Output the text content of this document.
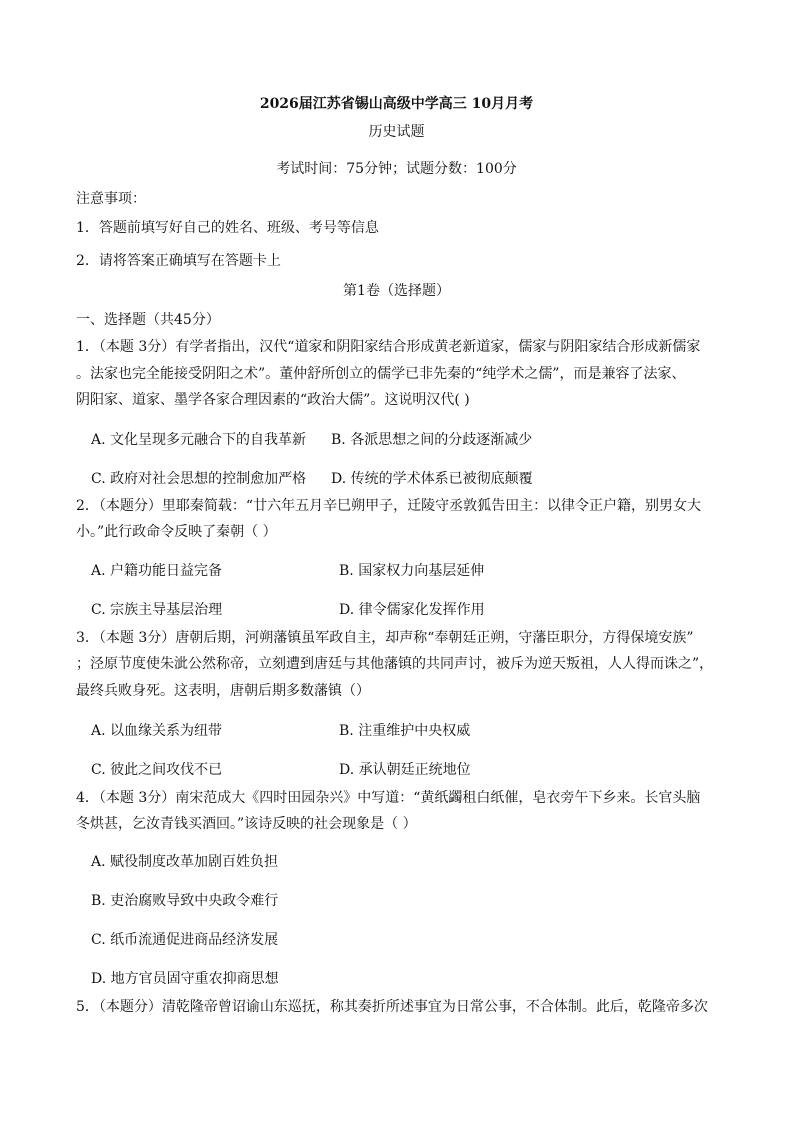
2026届江苏省锡山高级中学高三 10月月考
历史试题
考试时间：75分钟；试题分数：100分
注意事项：
1．答题前填写好自己的姓名、班级、考号等信息
2．请将答案正确填写在答题卡上
第1卷（选择题）
一、选择题（共45分）
1．（本题 3分）有学者指出，汉代“道家和阴阳家结合形成黄老新道家，儒家与阴阳家结合形成新儒家
。法家也完全能接受阴阳之术”。董仲舒所创立的儒学已非先秦的“纯学术之儒”，而是兼容了法家、
阴阳家、道家、墨学各家合理因素的“政治大儒”。这说明汉代( )
A. 文化呈现多元融合下的自我革新 B. 各派思想之间的分歧逐渐减少
C. 政府对社会思想的控制愈加严格 D. 传统的学术体系已被彻底颠覆
2．（本题分）里耶秦简载：“廿六年五月辛巳朔甲子，迁陵守丞敦狐告田主：以律令正户籍，别男女大
小。”此行政命令反映了秦朝（ ）
A. 户籍功能日益完备	B. 国家权力向基层延伸
C. 宗族主导基层治理	D. 律令儒家化发挥作用
3．（本题 3分）唐朝后期，河朔藩镇虽军政自主，却声称“奉朝廷正朔，守藩臣职分，方得保境安族”
；泾原节度使朱泚公然称帝，立刻遭到唐廷与其他藩镇的共同声讨，被斥为逆天叛祖，人人得而诛之”，
最终兵败身死。这表明，唐朝后期多数藩镇（）
A. 以血缘关系为纽带	B. 注重维护中央权威
C. 彼此之间攻伐不已	D. 承认朝廷正统地位
4．（本题 3分）南宋范成大《四时田园杂兴》中写道：“黄纸蠲租白纸催，皂衣旁午下乡来。长官头脑
冬烘甚，乞汝青钱买酒回。”该诗反映的社会现象是（ ）
A. 赋役制度改革加剧百姓负担
B. 吏治腐败导致中央政令难行
C. 纸币流通促进商品经济发展
D. 地方官员固守重农抑商思想
5．（本题分）清乾隆帝曾诏谕山东巡抚，称其奏折所述事宜为日常公事，不合体制。此后，乾隆帝多次
